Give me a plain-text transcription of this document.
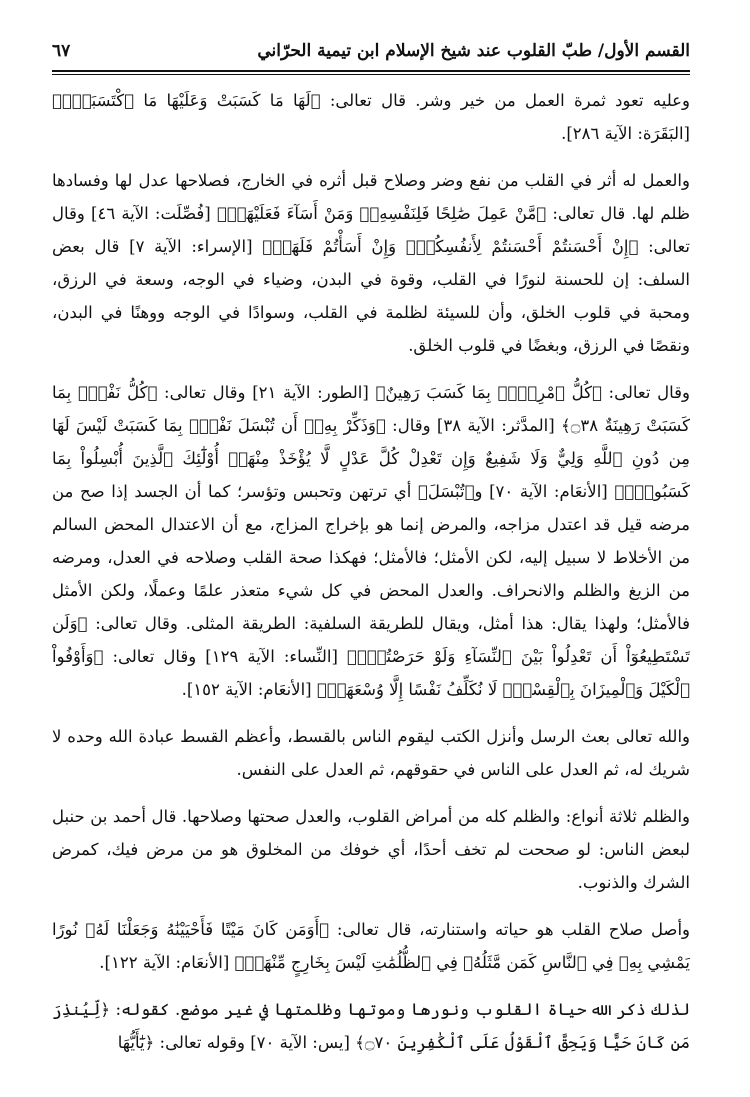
القسم الأول/ طبّ القلوب عند شيخ الإسلام ابن تيمية الحرّاني
٦٧

وعليه تعود ثمرة العمل من خير وشر. قال تعالى: ﴿لَهَا مَا كَسَبَتْ وَعَلَيْهَا مَا ٱكْتَسَبَتْۗ﴾ [البَقَرَة: الآية ٢٨٦].

والعمل له أثر في القلب من نفع وضر وصلاح قبل أثره في الخارج، فصلاحها عدل لها وفسادها ظلم لها. قال تعالى: ﴿مَّنْ عَمِلَ صَٰلِحًا فَلِنَفْسِهِۦۖ وَمَنْ أَسَآءَ فَعَلَيْهَاۗ﴾ [فُصِّلَت: الآية ٤٦] وقال تعالى: ﴿إِنْ أَحْسَنتُمْ أَحْسَنتُمْ لِأَنفُسِكُمْۖ وَإِنْ أَسَأْتُمْ فَلَهَاۚ﴾ [الإسراء: الآية ٧] قال بعض السلف: إن للحسنة لنورًا في القلب، وقوة في البدن، وضياء في الوجه، وسعة في الرزق، ومحبة في قلوب الخلق، وأن للسيئة لظلمة في القلب، وسوادًا في الوجه ووهنًا في البدن، ونقصًا في الرزق، وبغضًا في قلوب الخلق.

وقال تعالى: ﴿كُلُّ ٱمْرِيِٕۭ بِمَا كَسَبَ رَهِينٌ﴾ [الطور: الآية ٢١] وقال تعالى: ﴿كُلُّ نَفْسٍۭ بِمَا كَسَبَتْ رَهِينَةٌ ۝٣٨﴾ [المدَّثر: الآية ٣٨] وقال: ﴿وَذَكِّرْ بِهِۦٓ أَن تُبْسَلَ نَفْسٌۢ بِمَا كَسَبَتْ لَيْسَ لَهَا مِن دُونِ ٱللَّهِ وَلِيٌّ وَلَا شَفِيعٌ وَإِن تَعْدِلْ كُلَّ عَدْلٍ لَّا يُؤْخَذْ مِنْهَآۗ أُوْلَٰٓئِكَ ٱلَّذِينَ أُبْسِلُواْ بِمَا كَسَبُواْۖ﴾ [الأنعَام: الآية ٧٠] و﴿تُبْسَلَ﴾ أي ترتهن وتحبس وتؤسر؛ كما أن الجسد إذا صح من مرضه قيل قد اعتدل مزاجه، والمرض إنما هو بإخراج المزاج، مع أن الاعتدال المحض السالم من الأخلاط لا سبيل إليه، لكن الأمثل؛ فالأمثل؛ فهكذا صحة القلب وصلاحه في العدل، ومرضه من الزيغ والظلم والانحراف. والعدل المحض في كل شيء متعذر علمًا وعملًا، ولكن الأمثل فالأمثل؛ ولهذا يقال: هذا أمثل، ويقال للطريقة السلفية: الطريقة المثلى. وقال تعالى: ﴿وَلَن تَسْتَطِيعُوٓاْ أَن تَعْدِلُواْ بَيْنَ ٱلنِّسَآءِ وَلَوْ حَرَصْتُمْۖ﴾ [النِّساء: الآية ١٢٩] وقال تعالى: ﴿وَأَوْفُواْ ٱلْكَيْلَ وَٱلْمِيزَانَ بِٱلْقِسْطِۖ لَا نُكَلِّفُ نَفْسًا إِلَّا وُسْعَهَاۖ﴾ [الأنعَام: الآية ١٥٢].

والله تعالى بعث الرسل وأنزل الكتب ليقوم الناس بالقسط، وأعظم القسط عبادة الله وحده لا شريك له، ثم العدل على الناس في حقوقهم، ثم العدل على النفس.

والظلم ثلاثة أنواع: والظلم كله من أمراض القلوب، والعدل صحتها وصلاحها. قال أحمد بن حنبل لبعض الناس: لو صححت لم تخف أحدًا، أي خوفك من المخلوق هو من مرض فيك، كمرض الشرك والذنوب.

وأصل صلاح القلب هو حياته واستنارته، قال تعالى: ﴿أَوَمَن كَانَ مَيْتًا فَأَحْيَيْنَٰهُ وَجَعَلْنَا لَهُۥ نُورًا يَمْشِي بِهِۦ فِي ٱلنَّاسِ كَمَن مَّثَلُهُۥ فِي ٱلظُّلُمَٰتِ لَيْسَ بِخَارِجٍ مِّنْهَاۚ﴾ [الأنعَام: الآية ١٢٢].

لذلك ذكر الله حياة القلوب ونورها وموتها وظلمتها في غير موضع. كقوله: ﴿لِّيُنذِرَ مَن كَانَ حَيًّا وَيَحِقَّ ٱلْقَوْلُ عَلَى ٱلْكَٰفِرِينَ ۝٧٠﴾ [يس: الآية ٧٠] وقوله تعالى: ﴿يَٰٓأَيُّهَا
